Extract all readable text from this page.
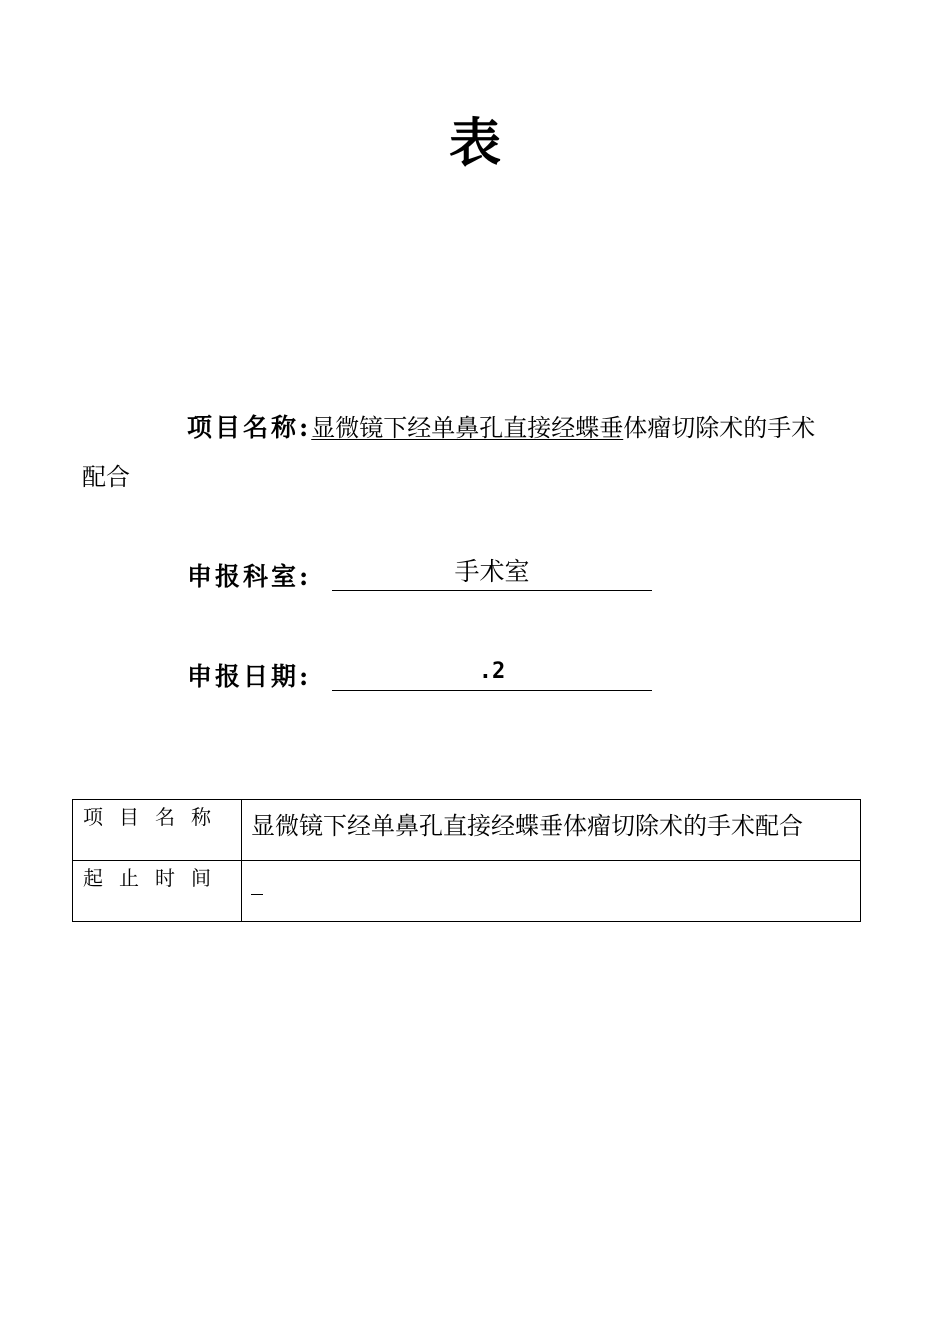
表
项目名称:显微镜下经单鼻孔直接经蝶垂体瘤切除术的手术
配合
申报科室:	手术室
申报日期:	.2
项目名称	显微镜下经单鼻孔直接经蝶垂体瘤切除术的手术配合
起止时间	
